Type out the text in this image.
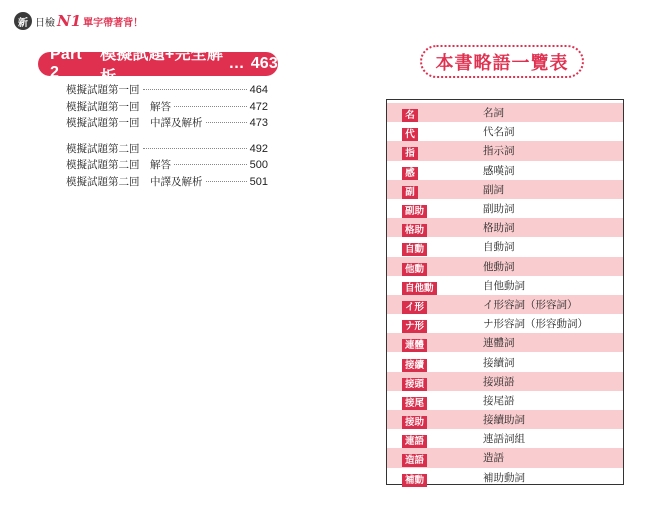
新 日檢 N1 單字帶著背！
Part 2
模擬試題+完全解析
… 463
模擬試題第一回	464
模擬試題第一回　解答	472
模擬試題第一回　中譯及解析	473
模擬試題第二回	492
模擬試題第二回　解答	500
模擬試題第二回　中譯及解析	501
本書略語一覽表
名	名詞
代	代名詞
指	指示詞
感	感嘆詞
副	副詞
副助	副助詞
格助	格助詞
自動	自動詞
他動	他動詞
自他動	自他動詞
イ形	イ形容詞（形容詞）
ナ形	ナ形容詞（形容動詞）
連體	連體詞
接續	接續詞
接頭	接頭語
接尾	接尾語
接助	接續助詞
連語	連語詞組
造語	造語
補動	補助動詞
